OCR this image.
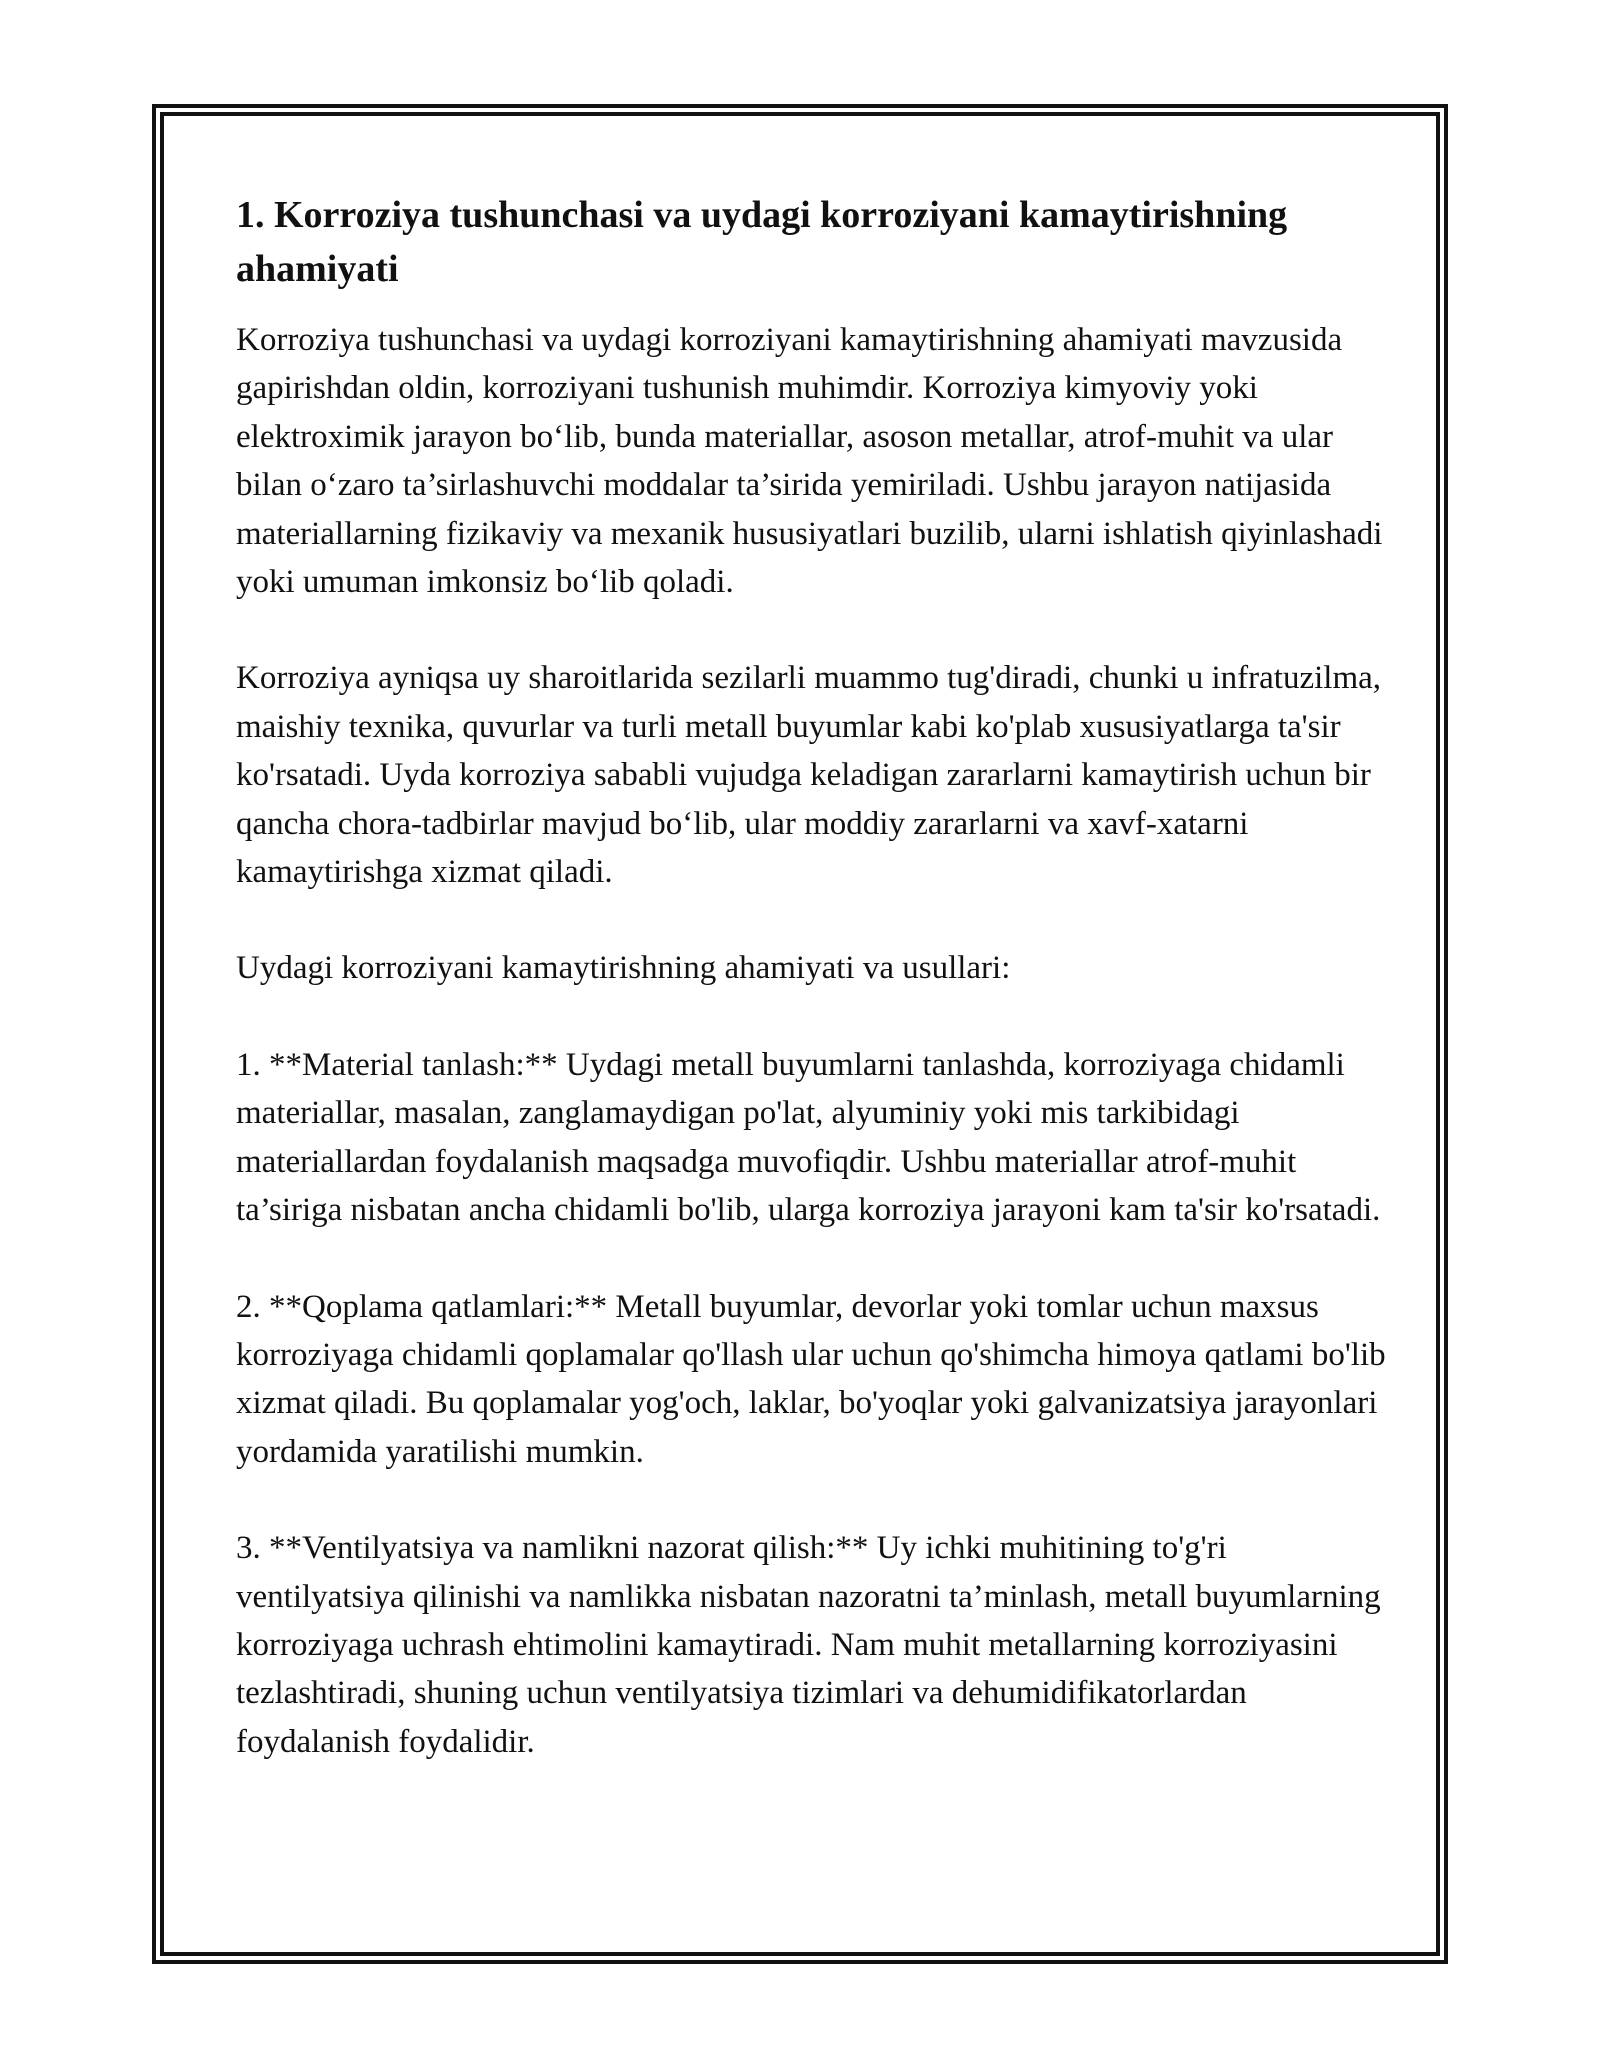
1. Korroziya tushunchasi va uydagi korroziyani kamaytirishning ahamiyati

Korroziya tushunchasi va uydagi korroziyani kamaytirishning ahamiyati mavzusida gapirishdan oldin, korroziyani tushunish muhimdir. Korroziya kimyoviy yoki elektroximik jarayon bo‘lib, bunda materiallar, asoson metallar, atrof-muhit va ular bilan o‘zaro ta’sirlashuvchi moddalar ta’sirida yemiriladi. Ushbu jarayon natijasida materiallarning fizikaviy va mexanik hususiyatlari buzilib, ularni ishlatish qiyinlashadi yoki umuman imkonsiz bo‘lib qoladi.

Korroziya ayniqsa uy sharoitlarida sezilarli muammo tug'diradi, chunki u infratuzilma, maishiy texnika, quvurlar va turli metall buyumlar kabi ko'plab xususiyatlarga ta'sir ko'rsatadi. Uyda korroziya sababli vujudga keladigan zararlarni kamaytirish uchun bir qancha chora-tadbirlar mavjud bo‘lib, ular moddiy zararlarni va xavf-xatarni kamaytirishga xizmat qiladi.

Uydagi korroziyani kamaytirishning ahamiyati va usullari:

1. **Material tanlash:** Uydagi metall buyumlarni tanlashda, korroziyaga chidamli materiallar, masalan, zanglamaydigan po'lat, alyuminiy yoki mis tarkibidagi materiallardan foydalanish maqsadga muvofiqdir. Ushbu materiallar atrof-muhit ta’siriga nisbatan ancha chidamli bo'lib, ularga korroziya jarayoni kam ta'sir ko'rsatadi.

2. **Qoplama qatlamlari:** Metall buyumlar, devorlar yoki tomlar uchun maxsus korroziyaga chidamli qoplamalar qo'llash ular uchun qo'shimcha himoya qatlami bo'lib xizmat qiladi. Bu qoplamalar yog'och, laklar, bo'yoqlar yoki galvanizatsiya jarayonlari yordamida yaratilishi mumkin.

3. **Ventilyatsiya va namlikni nazorat qilish:** Uy ichki muhitining to'g'ri ventilyatsiya qilinishi va namlikka nisbatan nazoratni ta’minlash, metall buyumlarning korroziyaga uchrash ehtimolini kamaytiradi. Nam muhit metallarning korroziyasini tezlashtiradi, shuning uchun ventilyatsiya tizimlari va dehumidifikatorlardan foydalanish foydalidir.
